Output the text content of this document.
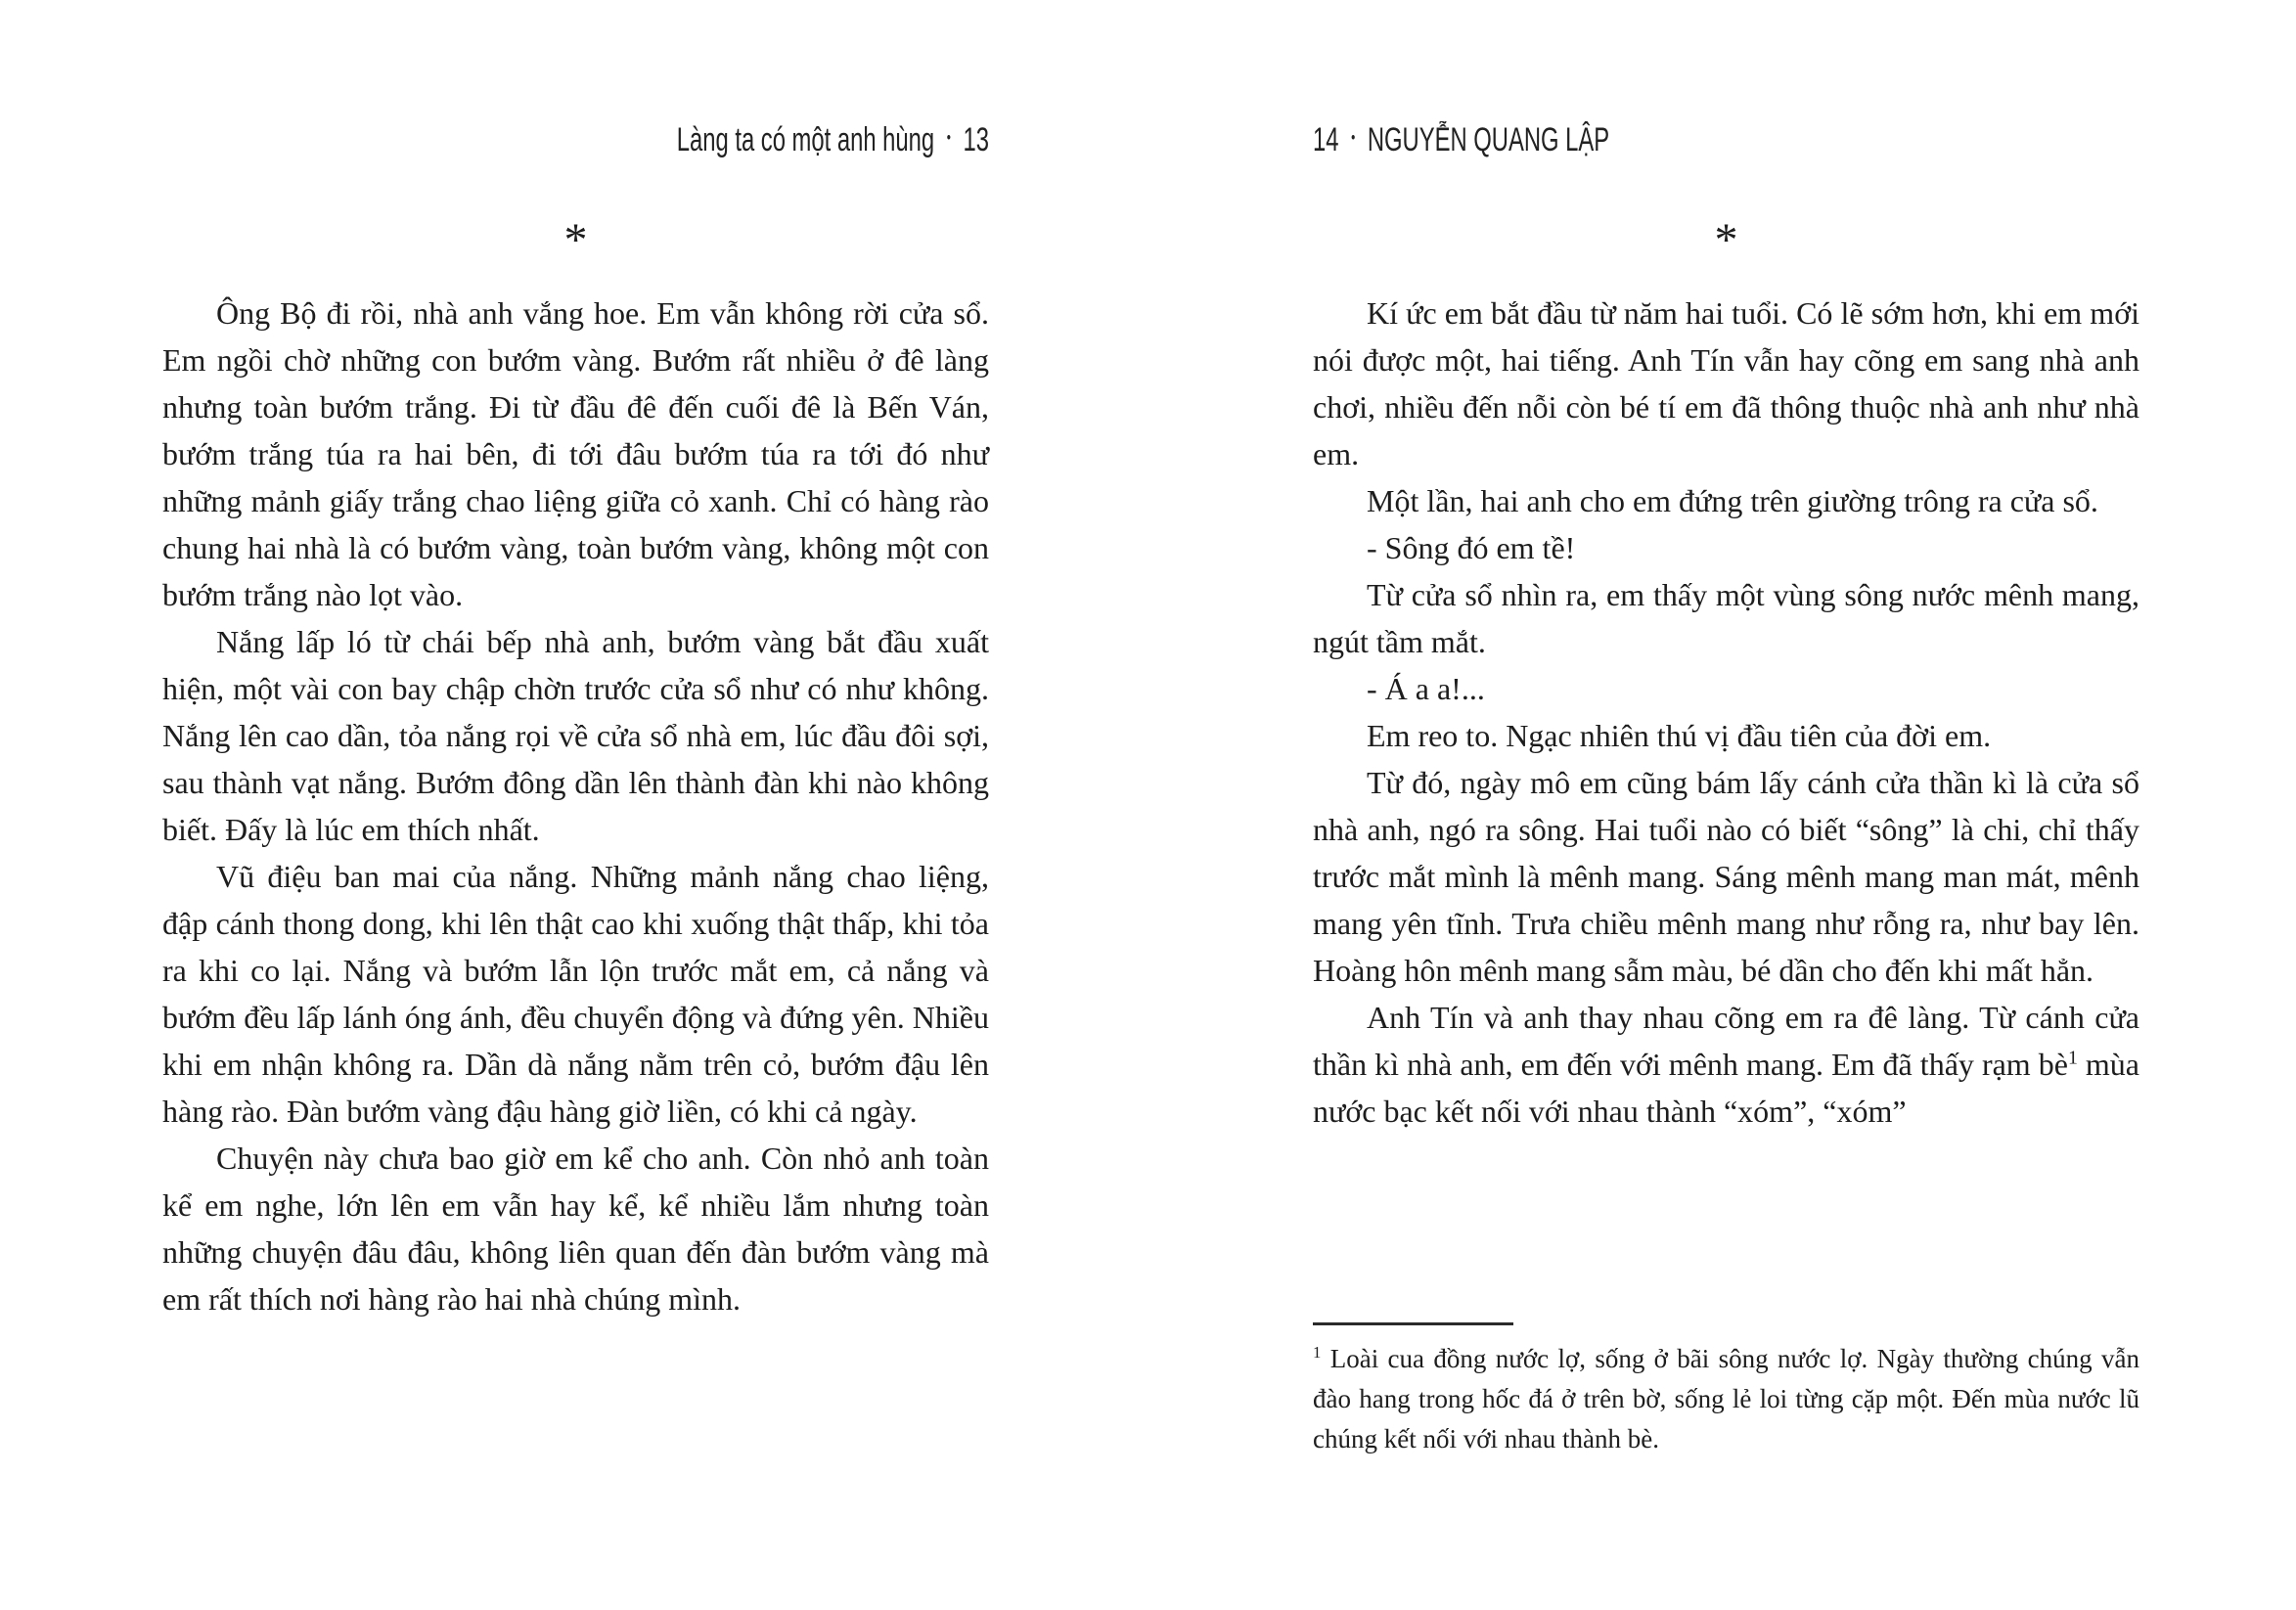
Làng ta có một anh hùng • 13	14 • NGUYỄN QUANG LẬP
*	*

Ông Bộ đi rồi, nhà anh vắng hoe. Em vẫn không rời cửa sổ. Em ngồi chờ những con bướm vàng. Bướm rất nhiều ở đê làng nhưng toàn bướm trắng. Đi từ đầu đê đến cuối đê là Bến Ván, bướm trắng túa ra hai bên, đi tới đâu bướm túa ra tới đó như những mảnh giấy trắng chao liệng giữa cỏ xanh. Chỉ có hàng rào chung hai nhà là có bướm vàng, toàn bướm vàng, không một con bướm trắng nào lọt vào.

Nắng lấp ló từ chái bếp nhà anh, bướm vàng bắt đầu xuất hiện, một vài con bay chập chờn trước cửa sổ như có như không. Nắng lên cao dần, tỏa nắng rọi về cửa sổ nhà em, lúc đầu đôi sợi, sau thành vạt nắng. Bướm đông dần lên thành đàn khi nào không biết. Đấy là lúc em thích nhất.

Vũ điệu ban mai của nắng. Những mảnh nắng chao liệng, đập cánh thong dong, khi lên thật cao khi xuống thật thấp, khi tỏa ra khi co lại. Nắng và bướm lẫn lộn trước mắt em, cả nắng và bướm đều lấp lánh óng ánh, đều chuyển động và đứng yên. Nhiều khi em nhận không ra. Dần dà nắng nằm trên cỏ, bướm đậu lên hàng rào. Đàn bướm vàng đậu hàng giờ liền, có khi cả ngày.

Chuyện này chưa bao giờ em kể cho anh. Còn nhỏ anh toàn kể em nghe, lớn lên em vẫn hay kể, kể nhiều lắm nhưng toàn những chuyện đâu đâu, không liên quan đến đàn bướm vàng mà em rất thích nơi hàng rào hai nhà chúng mình.

Kí ức em bắt đầu từ năm hai tuổi. Có lẽ sớm hơn, khi em mới nói được một, hai tiếng. Anh Tín vẫn hay cõng em sang nhà anh chơi, nhiều đến nỗi còn bé tí em đã thông thuộc nhà anh như nhà em.

Một lần, hai anh cho em đứng trên giường trông ra cửa sổ.

- Sông đó em tề!

Từ cửa sổ nhìn ra, em thấy một vùng sông nước mênh mang, ngút tầm mắt.

- Á a a!...

Em reo to. Ngạc nhiên thú vị đầu tiên của đời em.

Từ đó, ngày mô em cũng bám lấy cánh cửa thần kì là cửa sổ nhà anh, ngó ra sông. Hai tuổi nào có biết “sông” là chi, chỉ thấy trước mắt mình là mênh mang. Sáng mênh mang man mát, mênh mang yên tĩnh. Trưa chiều mênh mang như rỗng ra, như bay lên. Hoàng hôn mênh mang sẫm màu, bé dần cho đến khi mất hẳn.

Anh Tín và anh thay nhau cõng em ra đê làng. Từ cánh cửa thần kì nhà anh, em đến với mênh mang. Em đã thấy rạm $bè^1$ mùa nước bạc kết nối với nhau thành “xóm”, “xóm”

$^1$ Loài cua đồng nước lợ, sống ở bãi sông nước lợ. Ngày thường chúng vẫn đào hang trong hốc đá ở trên bờ, sống lẻ loi từng cặp một. Đến mùa nước lũ chúng kết nối với nhau thành bè.
